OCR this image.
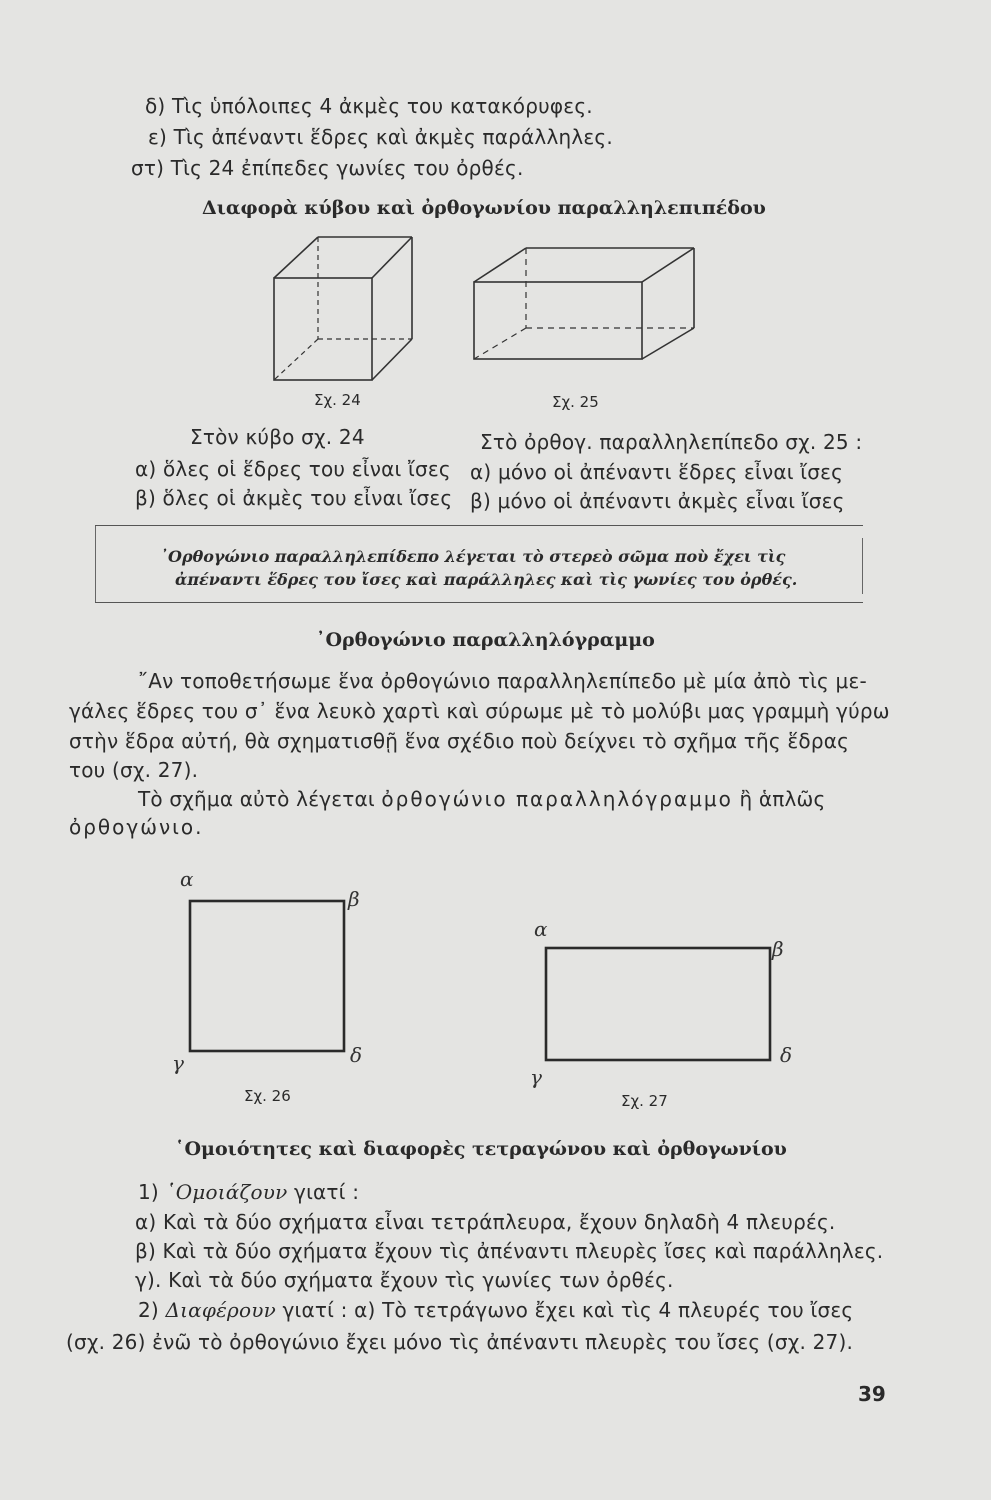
δ) Τὶς ὑπόλοιπες 4 ἀκμὲς του κατακόρυφες.
ε) Τὶς ἀπέναντι ἕδρες καὶ ἀκμὲς παράλληλες.
στ) Τὶς 24 ἐπίπεδες γωνίες του ὀρθές.
Διαφορὰ κύβου καὶ ὀρθογωνίου παραλληλεπιπέδου
Σχ. 24	Σχ. 25
Στὸν κύβο σχ. 24
α) ὅλες οἱ ἕδρες του εἶναι ἴσες
β) ὅλες οἱ ἀκμὲς του εἶναι ἴσες
Στὸ ὀρθογ. παραλληλεπίπεδο σχ. 25 :
α) μόνο οἱ ἀπέναντι ἕδρες εἶναι ἴσες
β) μόνο οἱ ἀπέναντι ἀκμὲς εἶναι ἴσες
᾿Ορθογώνιο παραλληλεπίδεπο λέγεται τὸ στερεὸ σῶμα ποὺ ἔχει τὶς
ἀπέναντι ἕδρες του ἴσες καὶ παράλληλες καὶ τὶς γωνίες του ὀρθές.
᾿Ορθογώνιο παραλληλόγραμμο
῎Αν τοποθετήσωμε ἕνα ὀρθογώνιο παραλληλεπίπεδο μὲ μία ἀπὸ τὶς με-
γάλες ἕδρες του σ᾿ ἕνα λευκὸ χαρτὶ καὶ σύρωμε μὲ τὸ μολύβι μας γραμμὴ γύρω
στὴν ἕδρα αὐτή, θὰ σχηματισθῇ ἕνα σχέδιο ποὺ δείχνει τὸ σχῆμα τῆς ἕδρας
του (σχ. 27).
Τὸ σχῆμα αὐτὸ λέγεται ὀρθογώνιο παραλληλόγραμμο ἢ ἁπλῶς
ὀρθογώνιο.
α
β
γ	δ
Σχ. 26
α
β
γ
δ
Σχ. 27
῾Ομοιότητες καὶ διαφορὲς τετραγώνου καὶ ὀρθογωνίου
1) ῾Ομοιάζουν γιατί :
α) Καὶ τὰ δύο σχήματα εἶναι τετράπλευρα, ἔχουν δηλαδὴ 4 πλευρές.
β) Καὶ τὰ δύο σχήματα ἔχουν τὶς ἀπέναντι πλευρὲς ἴσες καὶ παράλληλες.
γ). Καὶ τὰ δύο σχήματα ἔχουν τὶς γωνίες των ὀρθές.
2) Διαφέρουν γιατί : α) Τὸ τετράγωνο ἔχει καὶ τὶς 4 πλευρές του ἴσες
(σχ. 26) ἐνῶ τὸ ὀρθογώνιο ἔχει μόνο τὶς ἀπέναντι πλευρὲς του ἴσες (σχ. 27).
39
